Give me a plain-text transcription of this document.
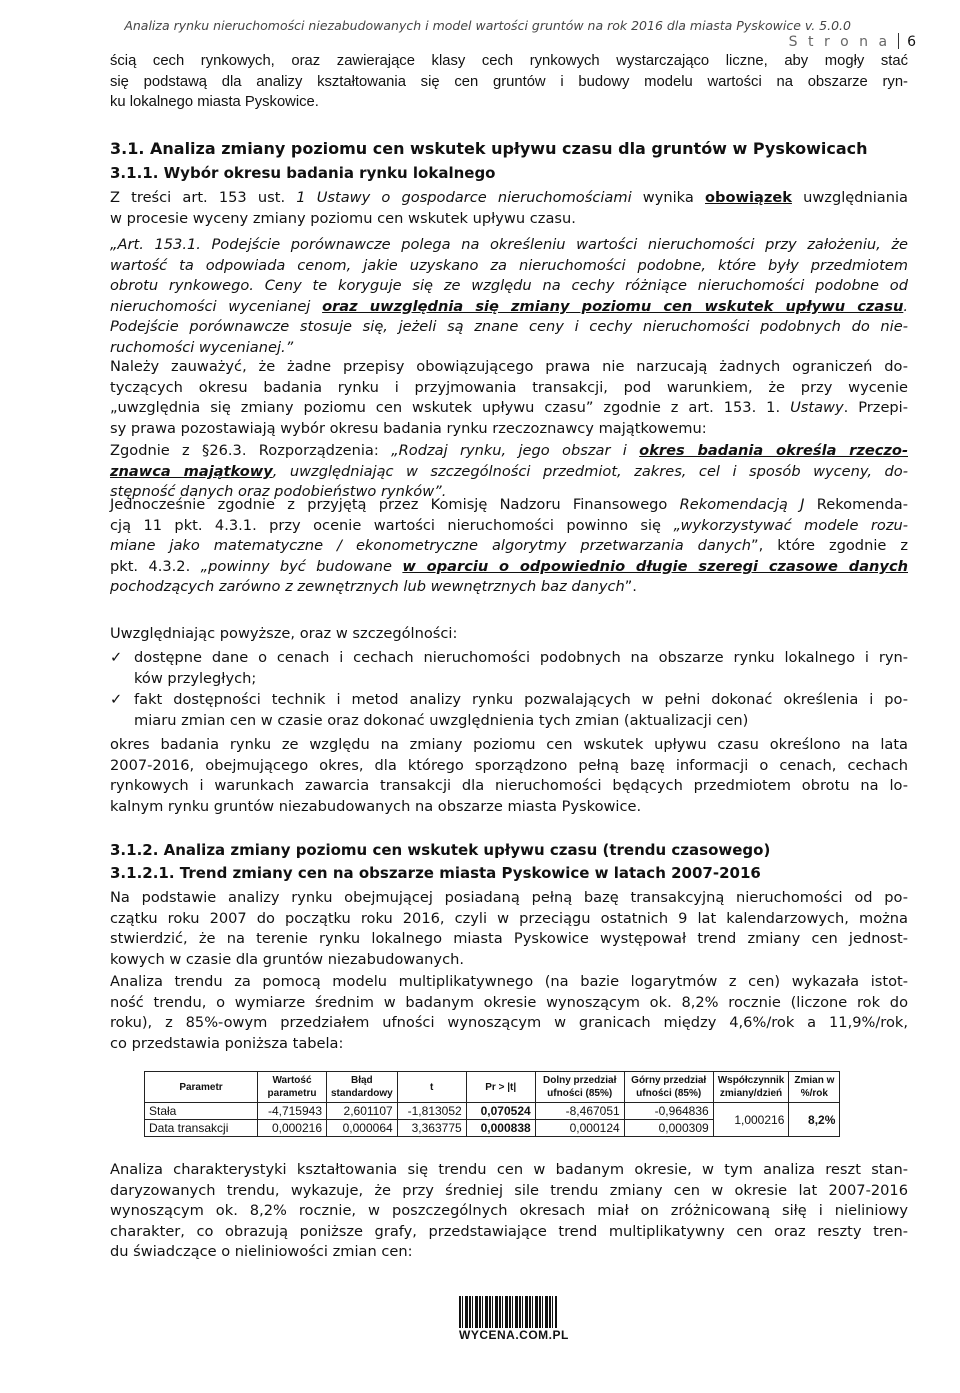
Analiza rynku nieruchomości niezabudowanych i model wartości gruntów na rok 2016 dla miasta Pyskowice v. 5.0.0
S t r o n a 6
ścią cech rynkowych, oraz zawierające klasy cech rynkowych wystarczająco liczne, aby mogły stać
się podstawą dla analizy kształtowania się cen gruntów i budowy modelu wartości na obszarze ryn-
ku lokalnego miasta Pyskowice.
3.1. Analiza zmiany poziomu cen wskutek upływu czasu dla gruntów w Pyskowicach
3.1.1. Wybór okresu badania rynku lokalnego
Z treści art. 153 ust. 1 Ustawy o gospodarce nieruchomościami wynika obowiązek uwzględniania
w procesie wyceny zmiany poziomu cen wskutek upływu czasu.
„Art. 153.1. Podejście porównawcze polega na określeniu wartości nieruchomości przy założeniu, że
wartość ta odpowiada cenom, jakie uzyskano za nieruchomości podobne, które były przedmiotem
obrotu rynkowego. Ceny te koryguje się ze względu na cechy różniące nieruchomości podobne od
nieruchomości wycenianej oraz uwzględnia się zmiany poziomu cen wskutek upływu czasu.
Podejście porównawcze stosuje się, jeżeli są znane ceny i cechy nieruchomości podobnych do nie-
ruchomości wycenianej.”
Należy zauważyć, że żadne przepisy obowiązującego prawa nie narzucają żadnych ograniczeń do-
tyczących okresu badania rynku i przyjmowania transakcji, pod warunkiem, że przy wycenie
„uwzględnia się zmiany poziomu cen wskutek upływu czasu” zgodnie z art. 153. 1. Ustawy. Przepi-
sy prawa pozostawiają wybór okresu badania rynku rzeczoznawcy majątkowemu:
Zgodnie z §26.3. Rozporządzenia: „Rodzaj rynku, jego obszar i okres badania określa rzeczo-
znawca majątkowy, uwzględniając w szczególności przedmiot, zakres, cel i sposób wyceny, do-
stępność danych oraz podobieństwo rynków”.
Jednocześnie zgodnie z przyjętą przez Komisję Nadzoru Finansowego Rekomendacją J Rekomenda-
cją 11 pkt. 4.3.1. przy ocenie wartości nieruchomości powinno się „wykorzystywać modele rozu-
miane jako matematyczne / ekonometryczne algorytmy przetwarzania danych”, które zgodnie z
pkt. 4.3.2. „powinny być budowane w oparciu o odpowiednio długie szeregi czasowe danych
pochodzących zarówno z zewnętrznych lub wewnętrznych baz danych”.
Uwzględniając powyższe, oraz w szczególności:
✓ dostępne dane o cenach i cechach nieruchomości podobnych na obszarze rynku lokalnego i ryn-
ków przyległych;
✓ fakt dostępności technik i metod analizy rynku pozwalających w pełni dokonać określenia i po-
miaru zmian cen w czasie oraz dokonać uwzględnienia tych zmian (aktualizacji cen)
okres badania rynku ze względu na zmiany poziomu cen wskutek upływu czasu określono na lata
2007-2016, obejmującego okres, dla którego sporządzono pełną bazę informacji o cenach, cechach
rynkowych i warunkach zawarcia transakcji dla nieruchomości będących przedmiotem obrotu na lo-
kalnym rynku gruntów niezabudowanych na obszarze miasta Pyskowice.
3.1.2. Analiza zmiany poziomu cen wskutek upływu czasu (trendu czasowego)
3.1.2.1. Trend zmiany cen na obszarze miasta Pyskowice w latach 2007-2016
Na podstawie analizy rynku obejmującej posiadaną pełną bazę transakcyjną nieruchomości od po-
czątku roku 2007 do początku roku 2016, czyli w przeciągu ostatnich 9 lat kalendarzowych, można
stwierdzić, że na terenie rynku lokalnego miasta Pyskowice występował trend zmiany cen jednost-
kowych w czasie dla gruntów niezabudowanych.
Analiza trendu za pomocą modelu multiplikatywnego (na bazie logarytmów z cen) wykazała istot-
ność trendu, o wymiarze średnim w badanym okresie wynoszącym ok. 8,2% rocznie (liczone rok do
roku), z 85%-owym przedziałem ufności wynoszącym w granicach między 4,6%/rok a 11,9%/rok,
co przedstawia poniższa tabela:
Parametr	Wartość parametru	Błąd standardowy	t	Pr > |t|	Dolny przedział ufności (85%)	Górny przedział ufności (85%)	Współczynnik zmiany/dzień	Zmian w %/rok
Stała	-4,715943	2,601107	-1,813052	0,070524	-8,467051	-0,964836	1,000216	8,2%
Data transakcji	0,000216	0,000064	3,363775	0,000838	0,000124	0,000309		
Analiza charakterystyki kształtowania się trendu cen w badanym okresie, w tym analiza reszt stan-
daryzowanych trendu, wykazuje, że przy średniej sile trendu zmiany cen w okresie lat 2007-2016
wynoszącym ok. 8,2% rocznie, w poszczególnych okresach miał on zróżnicowaną siłę i nieliniowy
charakter, co obrazują poniższe grafy, przedstawiające trend multiplikatywny cen oraz reszty tren-
du świadczące o nieliniowości zmian cen:
WYCENA.COM.PL
